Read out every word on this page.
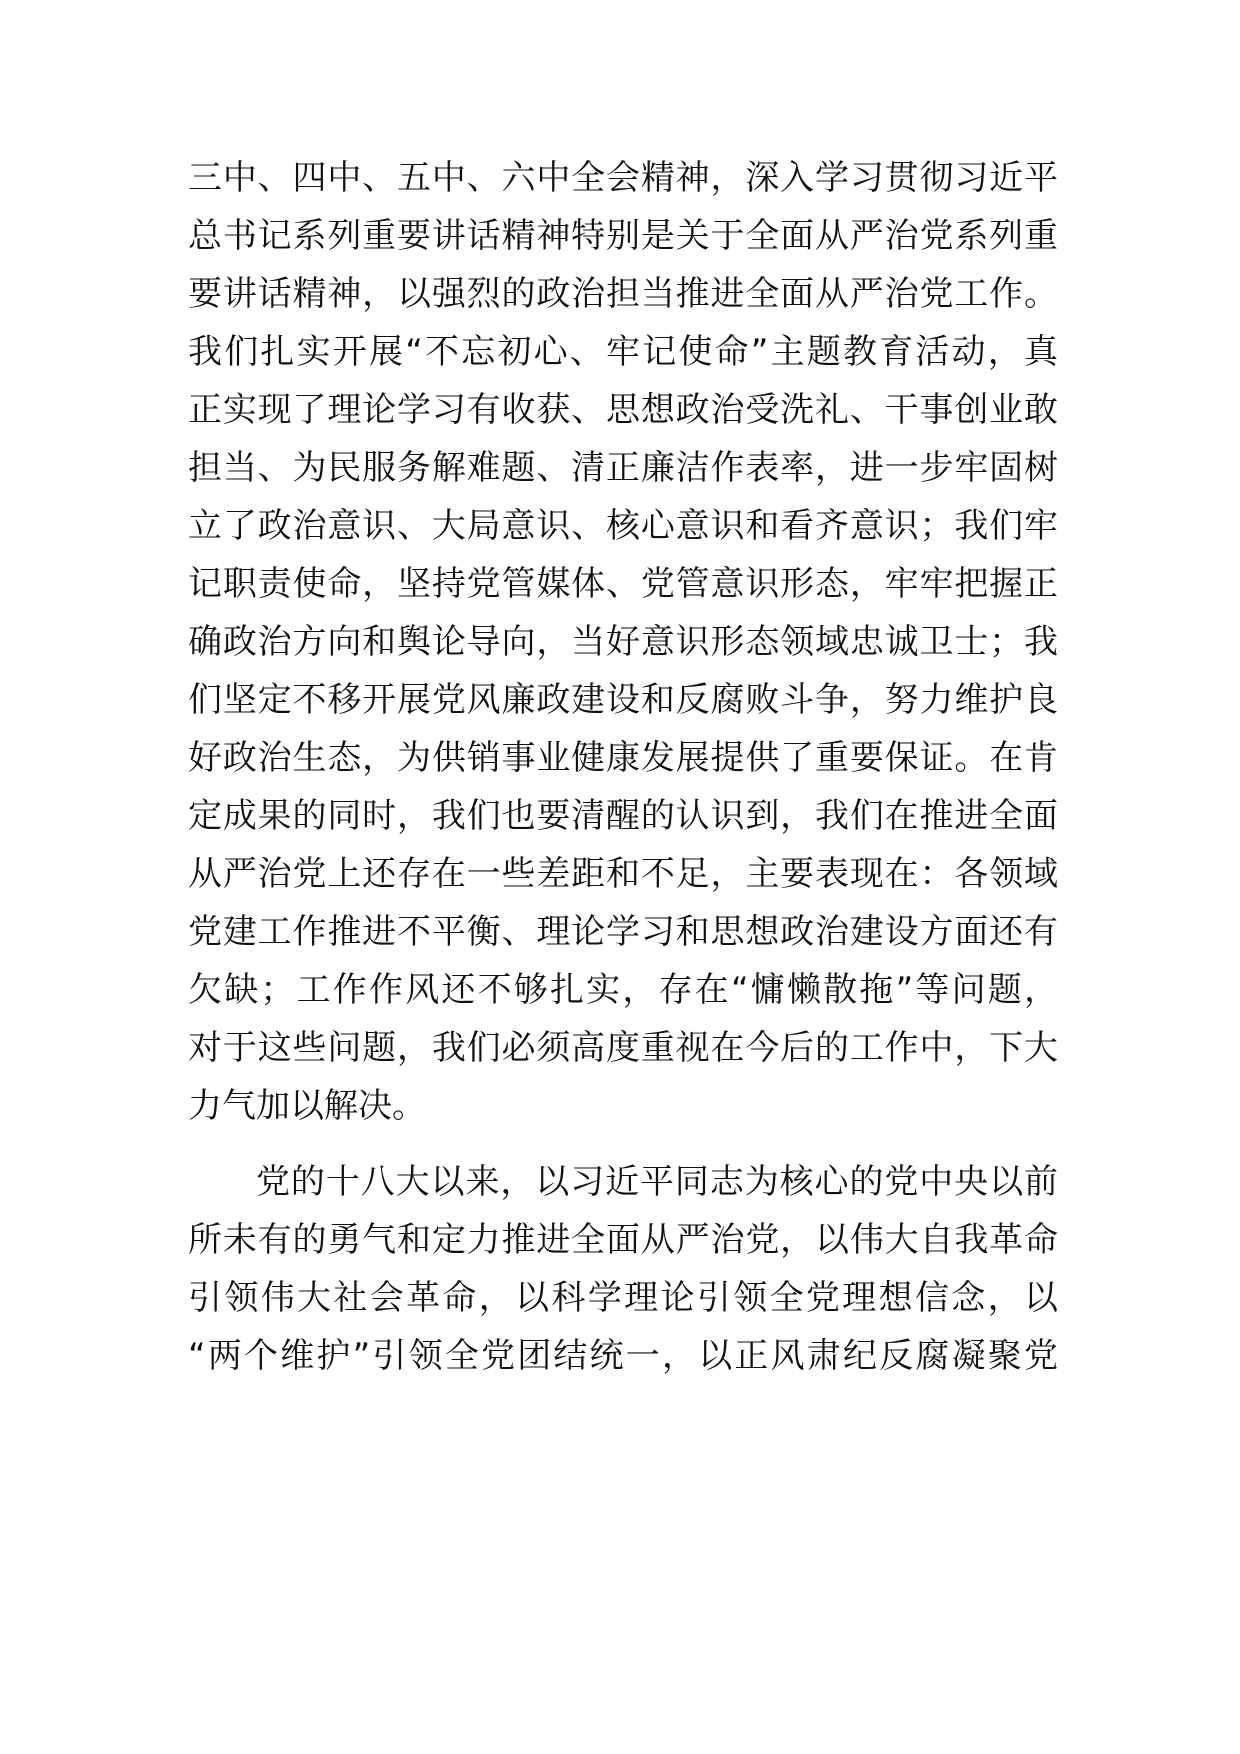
三中、四中、五中、六中全会精神，深入学习贯彻习近平
总书记系列重要讲话精神特别是关于全面从严治党系列重
要讲话精神，以强烈的政治担当推进全面从严治党工作。
我们扎实开展“不忘初心、牢记使命”主题教育活动，真
正实现了理论学习有收获、思想政治受洗礼、干事创业敢
担当、为民服务解难题、清正廉洁作表率，进一步牢固树
立了政治意识、大局意识、核心意识和看齐意识；我们牢
记职责使命，坚持党管媒体、党管意识形态，牢牢把握正
确政治方向和舆论导向，当好意识形态领域忠诚卫士；我
们坚定不移开展党风廉政建设和反腐败斗争，努力维护良
好政治生态，为供销事业健康发展提供了重要保证。在肯
定成果的同时，我们也要清醒的认识到，我们在推进全面
从严治党上还存在一些差距和不足，主要表现在：各领域
党建工作推进不平衡、理论学习和思想政治建设方面还有
欠缺；工作作风还不够扎实，存在“慵懒散拖”等问题，
对于这些问题，我们必须高度重视在今后的工作中，下大
力气加以解决。
党的十八大以来，以习近平同志为核心的党中央以前
所未有的勇气和定力推进全面从严治党，以伟大自我革命
引领伟大社会革命，以科学理论引领全党理想信念，以
“两个维护”引领全党团结统一，以正风肃纪反腐凝聚党
